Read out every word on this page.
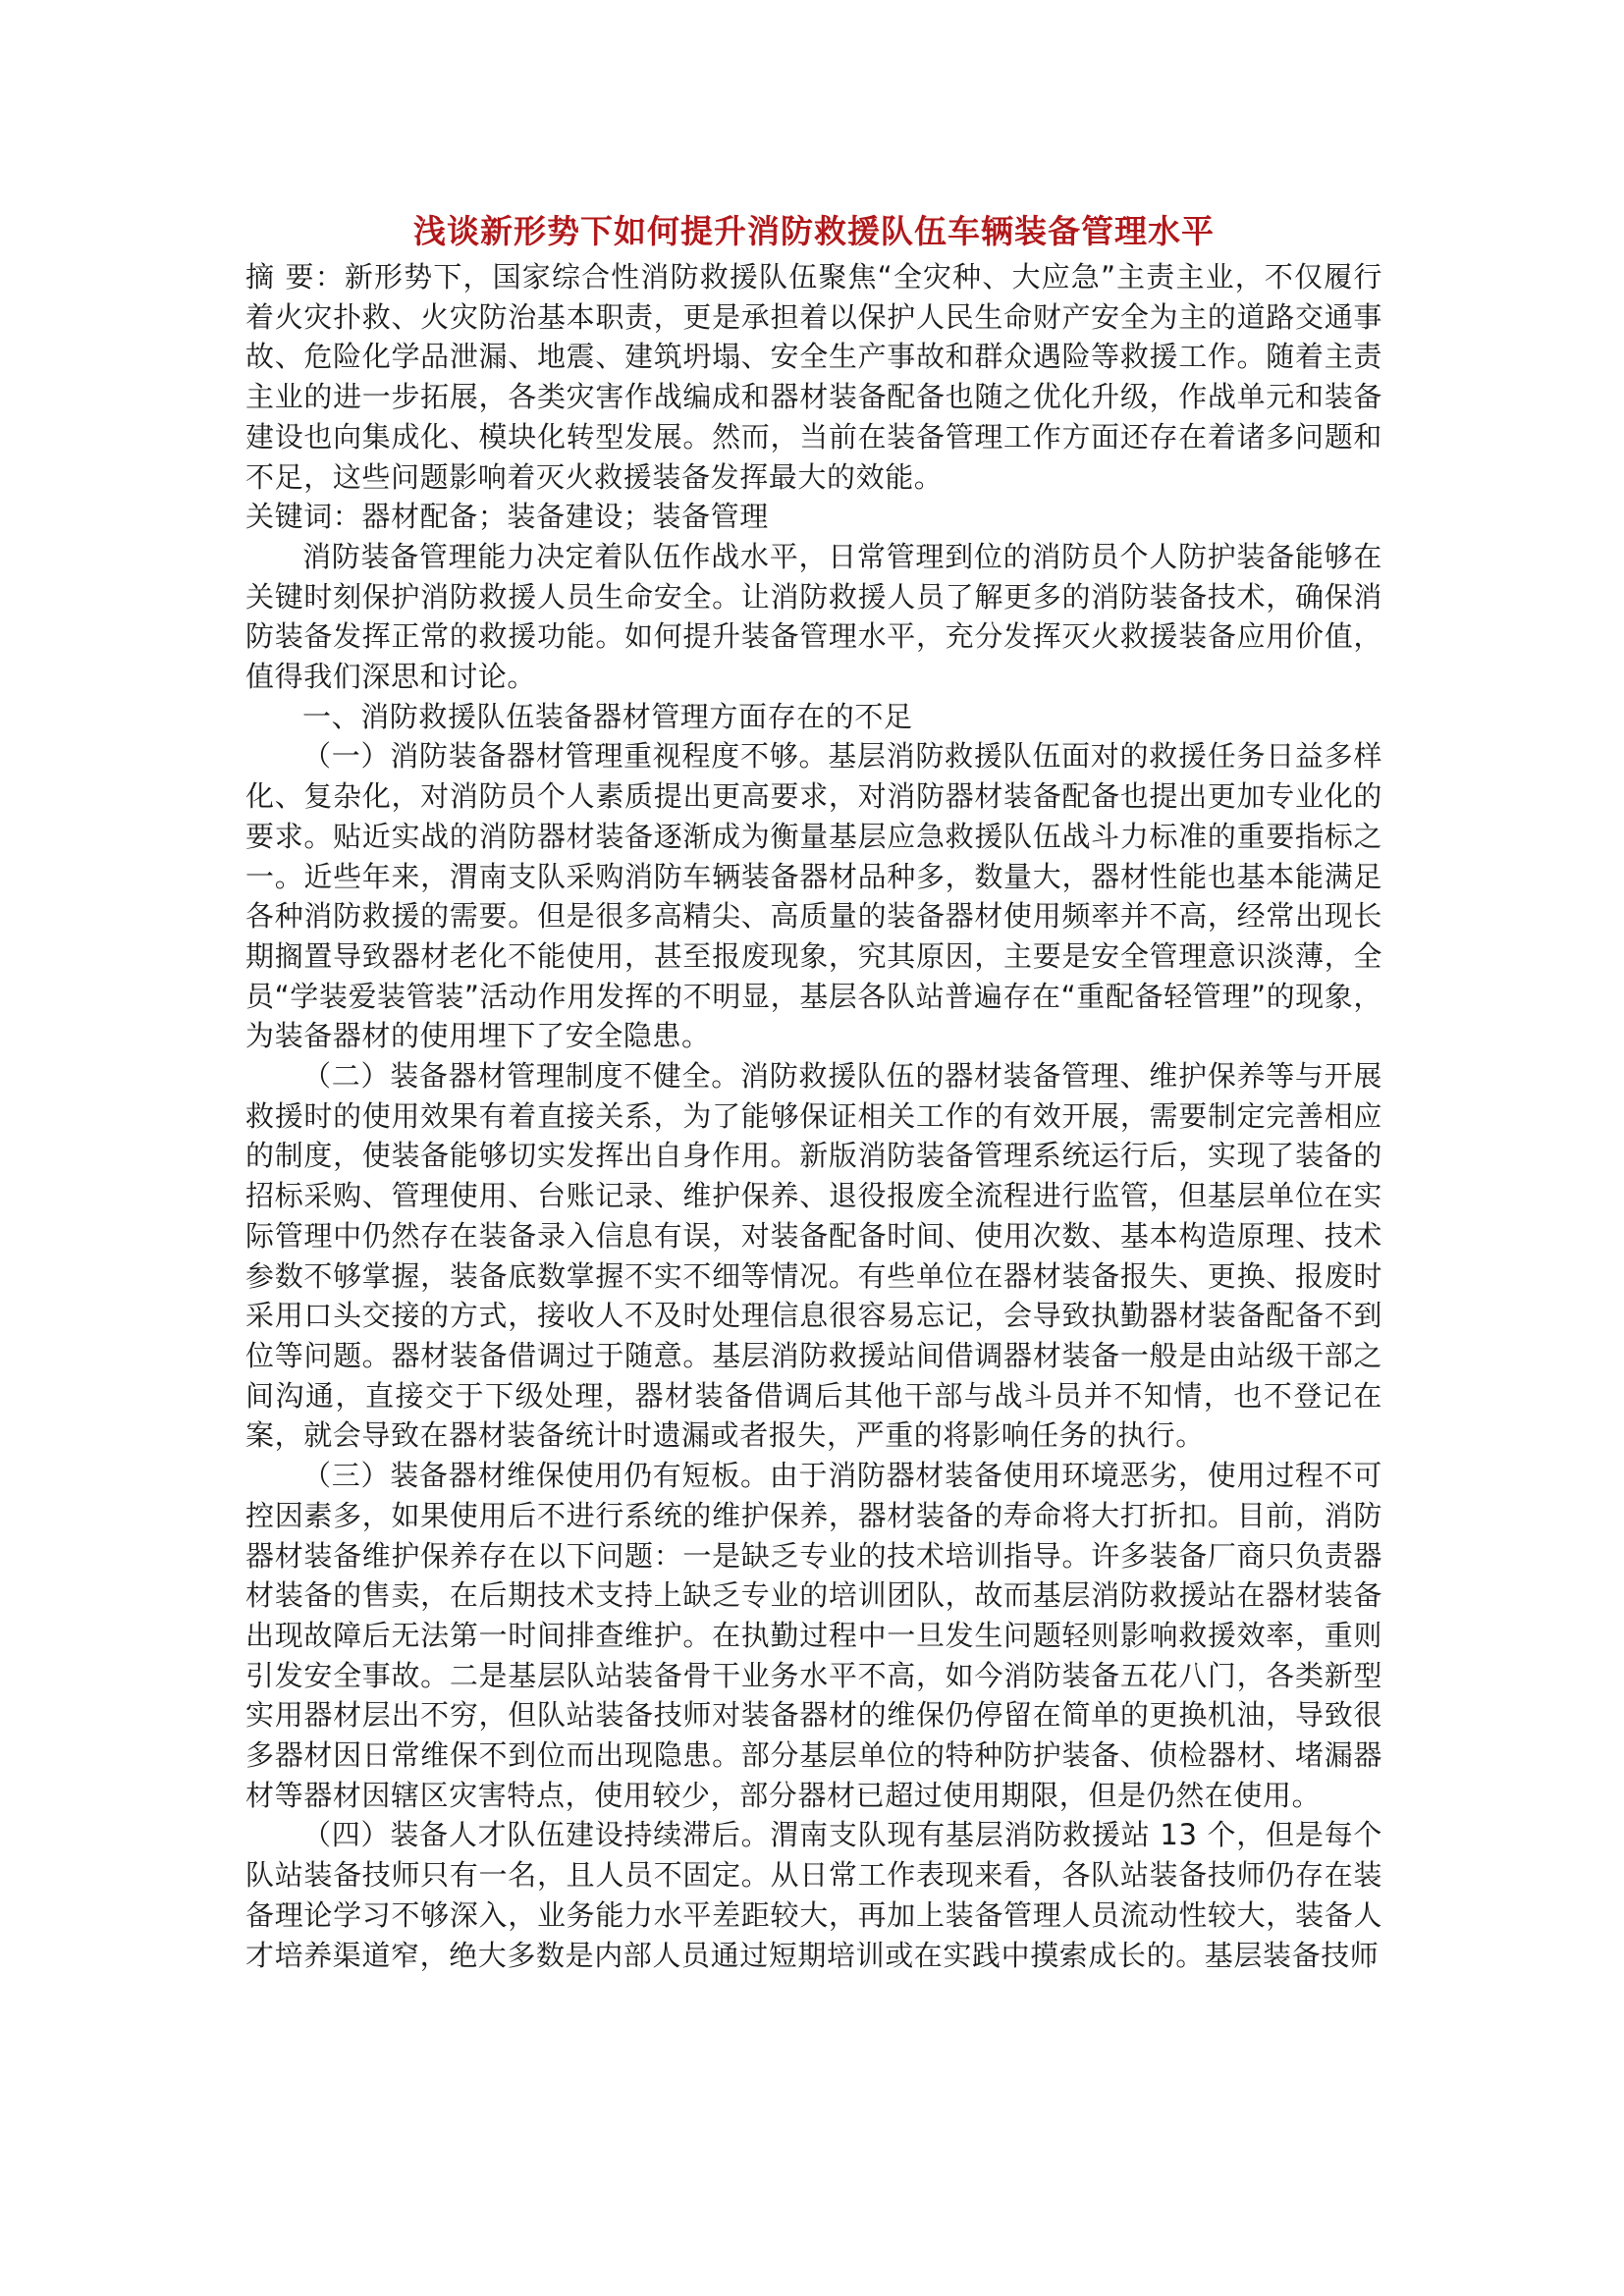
浅谈新形势下如何提升消防救援队伍车辆装备管理水平

摘 要：新形势下，国家综合性消防救援队伍聚焦“全灾种、大应急”主责主业，不仅履行着火灾扑救、火灾防治基本职责，更是承担着以保护人民生命财产安全为主的道路交通事故、危险化学品泄漏、地震、建筑坍塌、安全生产事故和群众遇险等救援工作。随着主责主业的进一步拓展，各类灾害作战编成和器材装备配备也随之优化升级，作战单元和装备建设也向集成化、模块化转型发展。然而，当前在装备管理工作方面还存在着诸多问题和不足，这些问题影响着灭火救援装备发挥最大的效能。

关键词：器材配备；装备建设；装备管理

消防装备管理能力决定着队伍作战水平，日常管理到位的消防员个人防护装备能够在关键时刻保护消防救援人员生命安全。让消防救援人员了解更多的消防装备技术，确保消防装备发挥正常的救援功能。如何提升装备管理水平，充分发挥灭火救援装备应用价值，值得我们深思和讨论。

一、消防救援队伍装备器材管理方面存在的不足

（一）消防装备器材管理重视程度不够。基层消防救援队伍面对的救援任务日益多样化、复杂化，对消防员个人素质提出更高要求，对消防器材装备配备也提出更加专业化的要求。贴近实战的消防器材装备逐渐成为衡量基层应急救援队伍战斗力标准的重要指标之一。近些年来，渭南支队采购消防车辆装备器材品种多，数量大，器材性能也基本能满足各种消防救援的需要。但是很多高精尖、高质量的装备器材使用频率并不高，经常出现长期搁置导致器材老化不能使用，甚至报废现象，究其原因，主要是安全管理意识淡薄，全员“学装爱装管装”活动作用发挥的不明显，基层各队站普遍存在“重配备轻管理”的现象，为装备器材的使用埋下了安全隐患。

（二）装备器材管理制度不健全。消防救援队伍的器材装备管理、维护保养等与开展救援时的使用效果有着直接关系，为了能够保证相关工作的有效开展，需要制定完善相应的制度，使装备能够切实发挥出自身作用。新版消防装备管理系统运行后，实现了装备的招标采购、管理使用、台账记录、维护保养、退役报废全流程进行监管，但基层单位在实际管理中仍然存在装备录入信息有误，对装备配备时间、使用次数、基本构造原理、技术参数不够掌握，装备底数掌握不实不细等情况。有些单位在器材装备报失、更换、报废时采用口头交接的方式，接收人不及时处理信息很容易忘记，会导致执勤器材装备配备不到位等问题。器材装备借调过于随意。基层消防救援站间借调器材装备一般是由站级干部之间沟通，直接交于下级处理，器材装备借调后其他干部与战斗员并不知情，也不登记在案，就会导致在器材装备统计时遗漏或者报失，严重的将影响任务的执行。

（三）装备器材维保使用仍有短板。由于消防器材装备使用环境恶劣，使用过程不可控因素多，如果使用后不进行系统的维护保养，器材装备的寿命将大打折扣。目前，消防器材装备维护保养存在以下问题：一是缺乏专业的技术培训指导。许多装备厂商只负责器材装备的售卖，在后期技术支持上缺乏专业的培训团队，故而基层消防救援站在器材装备出现故障后无法第一时间排查维护。在执勤过程中一旦发生问题轻则影响救援效率，重则引发安全事故。二是基层队站装备骨干业务水平不高，如今消防装备五花八门，各类新型实用器材层出不穷，但队站装备技师对装备器材的维保仍停留在简单的更换机油，导致很多器材因日常维保不到位而出现隐患。部分基层单位的特种防护装备、侦检器材、堵漏器材等器材因辖区灾害特点，使用较少，部分器材已超过使用期限，但是仍然在使用。

（四）装备人才队伍建设持续滞后。渭南支队现有基层消防救援站 13 个，但是每个队站装备技师只有一名，且人员不固定。从日常工作表现来看，各队站装备技师仍存在装备理论学习不够深入，业务能力水平差距较大，再加上装备管理人员流动性较大，装备人才培养渠道窄，绝大多数是内部人员通过短期培训或在实践中摸索成长的。基层装备技师
